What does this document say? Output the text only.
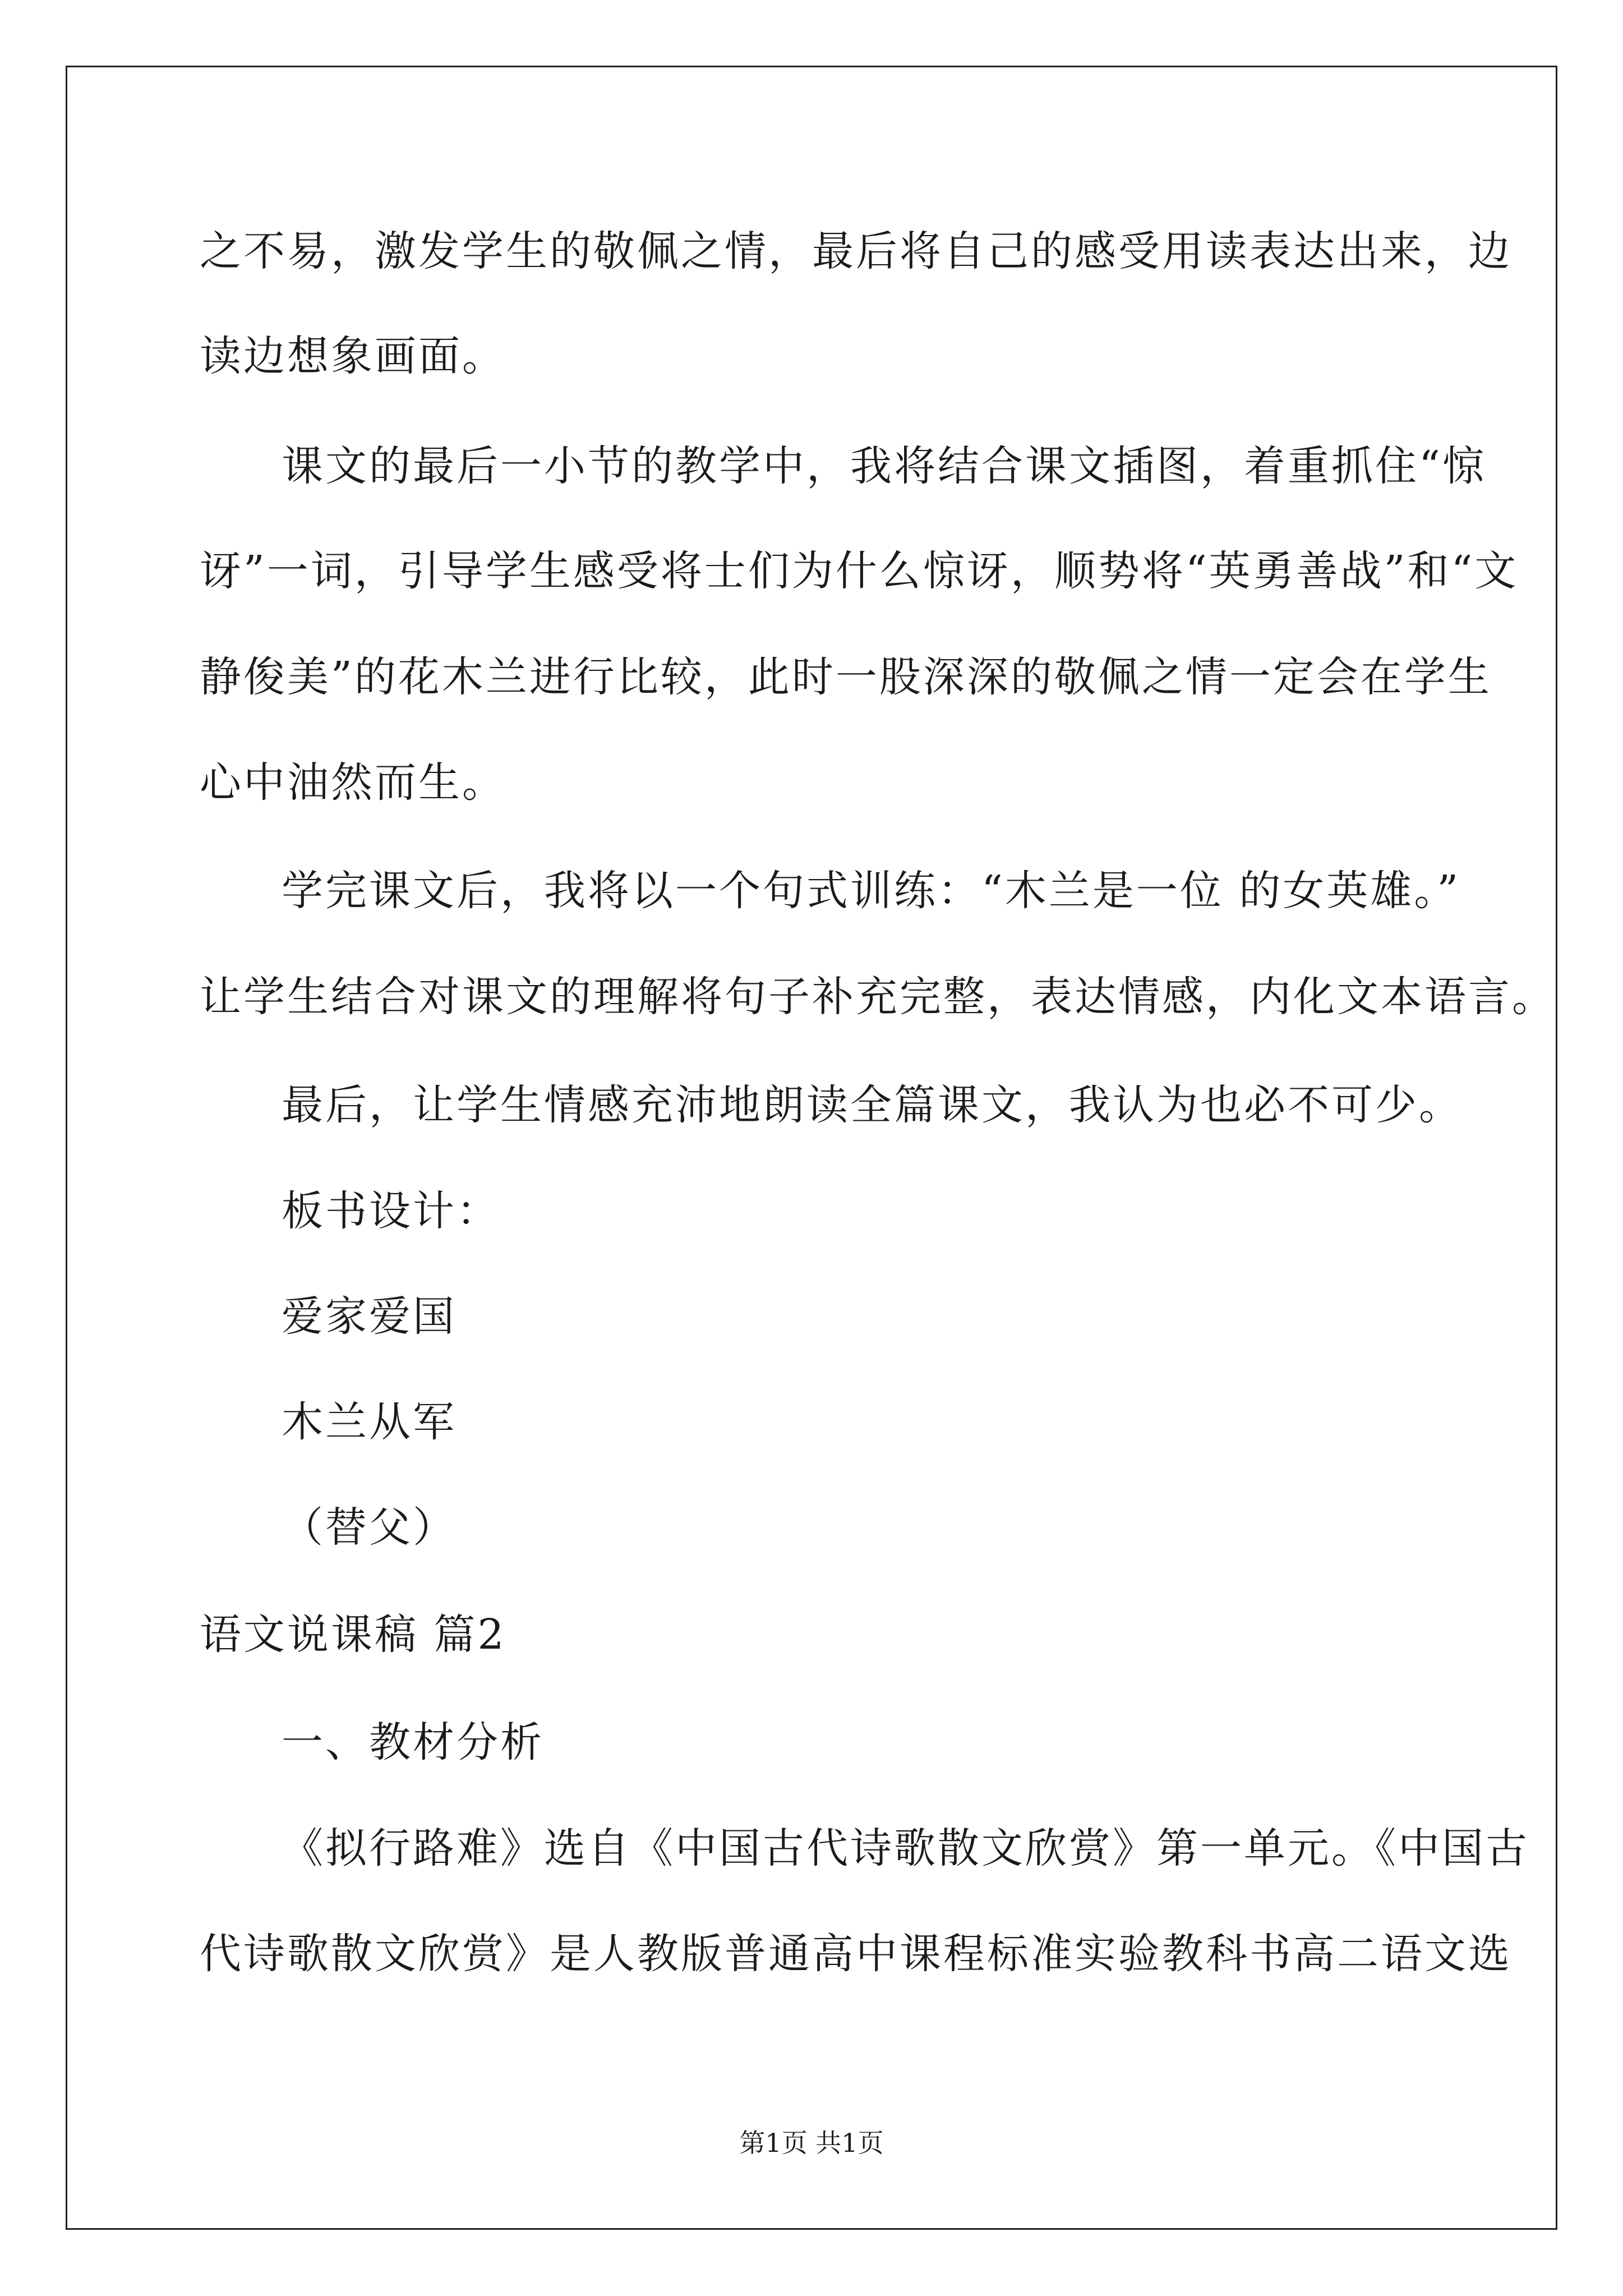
之不易，激发学生的敬佩之情，最后将自己的感受用读表达出来，边
读边想象画面。
课文的最后一小节的教学中，我将结合课文插图，着重抓住“惊
讶”一词，引导学生感受将士们为什么惊讶，顺势将“英勇善战”和“文
静俊美”的花木兰进行比较，此时一股深深的敬佩之情一定会在学生
心中油然而生。
学完课文后，我将以一个句式训练：“木兰是一位 的女英雄。”
让学生结合对课文的理解将句子补充完整，表达情感，内化文本语言。
最后，让学生情感充沛地朗读全篇课文，我认为也必不可少。
板书设计：
爱家爱国
木兰从军
（替父）
语文说课稿 篇2
一、教材分析
《拟行路难》选自《中国古代诗歌散文欣赏》第一单元。《中国古
代诗歌散文欣赏》是人教版普通高中课程标准实验教科书高二语文选
第1页 共1页
